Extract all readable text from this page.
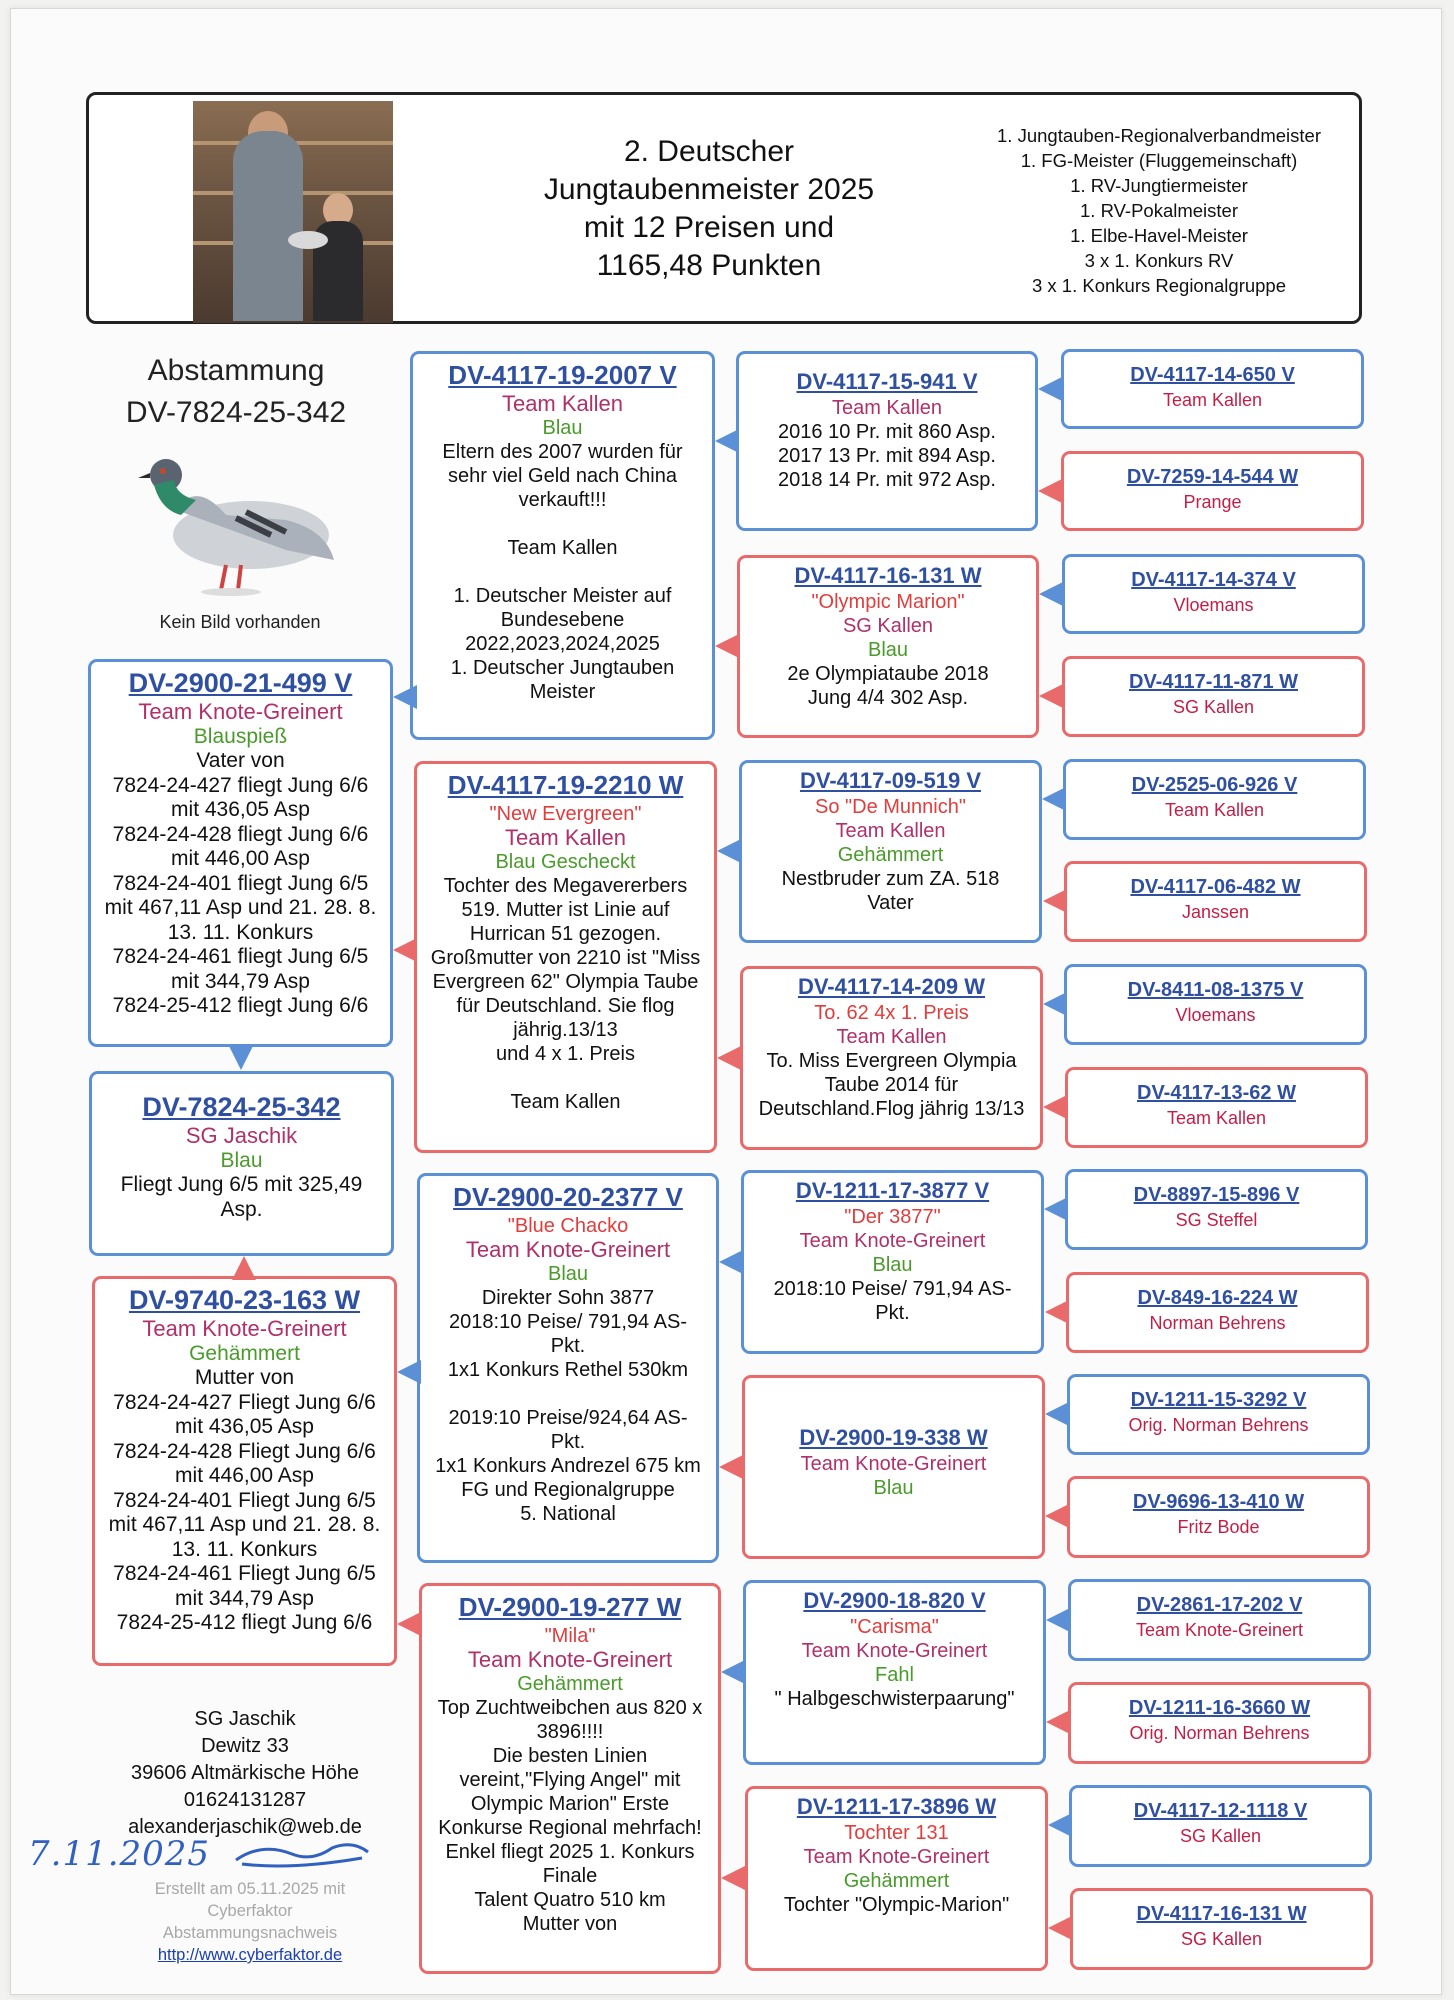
2. Deutscher
Jungtaubenmeister 2025
mit 12 Preisen und
1165,48 Punkten
1. Jungtauben-Regionalverbandmeister
1. FG-Meister (Fluggemeinschaft)
1. RV-Jungtiermeister
1. RV-Pokalmeister
1. Elbe-Havel-Meister
3 x 1. Konkurs RV
3 x 1. Konkurs Regionalgruppe
Abstammung
DV-7824-25-342
Kein Bild vorhanden
DV-2900-21-499 V
Team Knote-Greinert
Blauspieß
Vater von
7824-24-427 fliegt Jung 6/6
mit 436,05 Asp
7824-24-428 fliegt Jung 6/6
mit 446,00 Asp
7824-24-401 fliegt Jung 6/5
mit 467,11 Asp und 21. 28. 8.
13. 11. Konkurs
7824-24-461 fliegt Jung 6/5
mit 344,79 Asp
7824-25-412 fliegt Jung 6/6
DV-7824-25-342
SG Jaschik
Blau
Fliegt Jung 6/5 mit 325,49
Asp.
DV-9740-23-163 W
Team Knote-Greinert
Gehämmert
Mutter von
7824-24-427 Fliegt Jung 6/6
mit 436,05 Asp
7824-24-428 Fliegt Jung 6/6
mit 446,00 Asp
7824-24-401 Fliegt Jung 6/5
mit 467,11 Asp und 21. 28. 8.
13. 11. Konkurs
7824-24-461 Fliegt Jung 6/5
mit 344,79 Asp
7824-25-412 fliegt Jung 6/6
DV-4117-19-2007 V
Team Kallen
Blau
Eltern des 2007 wurden für
sehr viel Geld nach China
verkauft!!!
Team Kallen
1. Deutscher Meister auf
Bundesebene
2022,2023,2024,2025
1. Deutscher Jungtauben
Meister
DV-4117-19-2210 W
"New Evergreen"
Team Kallen
Blau Gescheckt
Tochter des Megavererbers
519. Mutter ist Linie auf
Hurrican 51 gezogen.
Großmutter von 2210 ist "Miss
Evergreen 62" Olympia Taube
für Deutschland. Sie flog
jährig.13/13
und 4 x 1. Preis
Team Kallen
DV-2900-20-2377 V
"Blue Chacko
Team Knote-Greinert
Blau
Direkter Sohn 3877
2018:10 Peise/ 791,94 AS-
Pkt.
1x1 Konkurs Rethel 530km
2019:10 Preise/924,64 AS-
Pkt.
1x1 Konkurs Andrezel 675 km
FG und Regionalgruppe
5. National
DV-2900-19-277 W
"Mila"
Team Knote-Greinert
Gehämmert
Top Zuchtweibchen aus 820 x
3896!!!!
Die besten Linien
vereint,"Flying Angel" mit
Olympic Marion" Erste
Konkurse Regional mehrfach!
Enkel fliegt 2025 1. Konkurs
Finale
Talent Quatro 510 km
Mutter von
DV-4117-15-941 V
Team Kallen
2016 10 Pr. mit 860 Asp.
2017 13 Pr. mit 894 Asp.
2018 14 Pr. mit 972 Asp.
DV-4117-16-131 W
"Olympic Marion"
SG Kallen
Blau
2e Olympiataube 2018
Jung 4/4 302 Asp.
DV-4117-09-519 V
So "De Munnich"
Team Kallen
Gehämmert
Nestbruder zum ZA. 518
Vater
DV-4117-14-209 W
To. 62 4x 1. Preis
Team Kallen
To. Miss Evergreen Olympia
Taube 2014 für
Deutschland.Flog jährig 13/13
DV-1211-17-3877 V
"Der 3877"
Team Knote-Greinert
Blau
2018:10 Peise/ 791,94 AS-
Pkt.
DV-2900-19-338 W
Team Knote-Greinert
Blau
DV-2900-18-820 V
"Carisma"
Team Knote-Greinert
Fahl
" Halbgeschwisterpaarung"
DV-1211-17-3896 W
Tochter 131
Team Knote-Greinert
Gehämmert
Tochter "Olympic-Marion"
DV-4117-14-650 V
Team Kallen
DV-7259-14-544 W
Prange
DV-4117-14-374 V
Vloemans
DV-4117-11-871 W
SG Kallen
DV-2525-06-926 V
Team Kallen
DV-4117-06-482 W
Janssen
DV-8411-08-1375 V
Vloemans
DV-4117-13-62 W
Team Kallen
DV-8897-15-896 V
SG Steffel
DV-849-16-224 W
Norman Behrens
DV-1211-15-3292 V
Orig. Norman Behrens
DV-9696-13-410 W
Fritz Bode
DV-2861-17-202 V
Team Knote-Greinert
DV-1211-16-3660 W
Orig. Norman Behrens
DV-4117-12-1118 V
SG Kallen
DV-4117-16-131 W
SG Kallen
SG Jaschik
Dewitz 33
39606 Altmärkische Höhe
01624131287
alexanderjaschik@web.de
7.11.2025
Erstellt am 05.11.2025 mit
Cyberfaktor
Abstammungsnachweis
http://www.cyberfaktor.de
